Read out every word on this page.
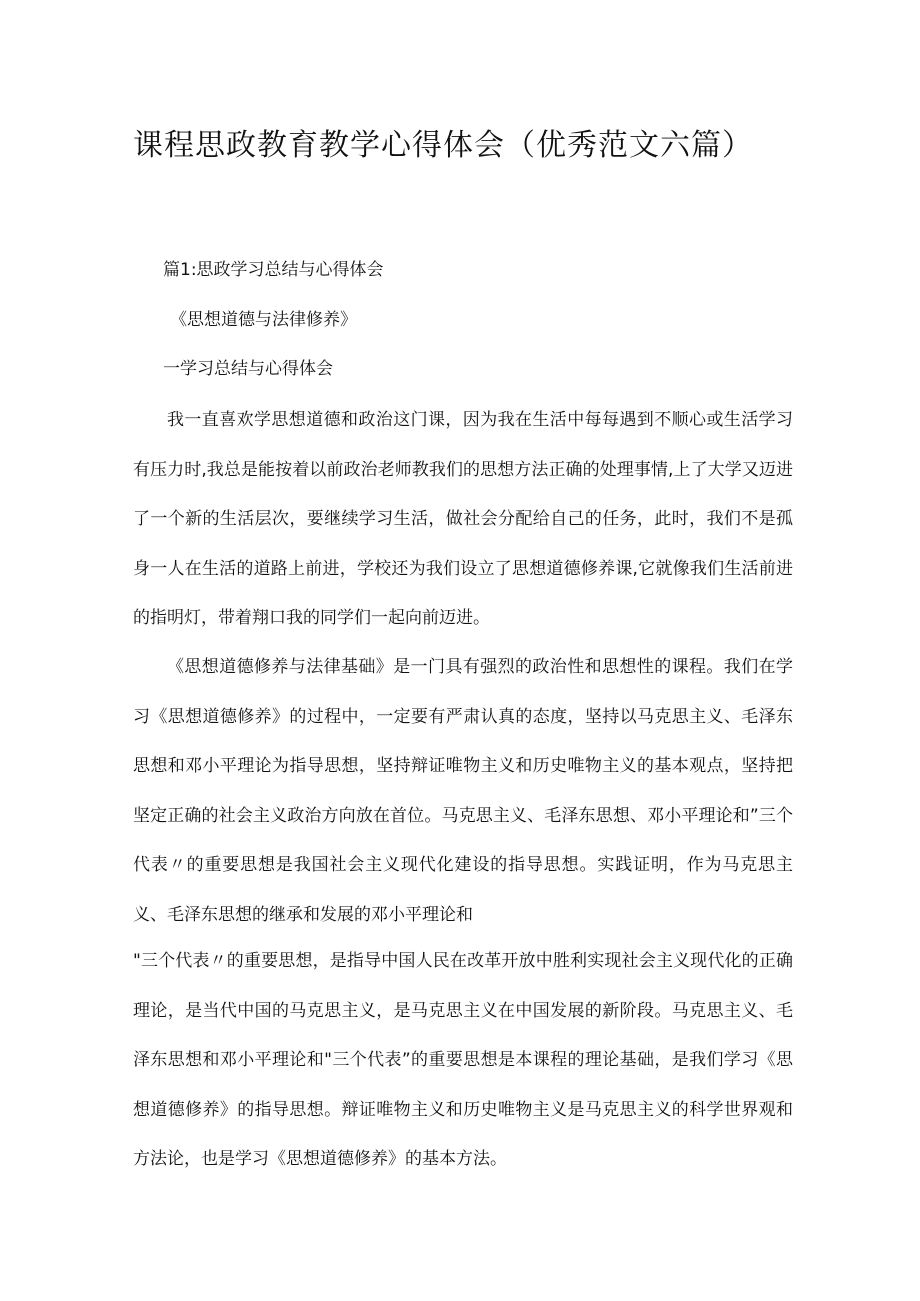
课程思政教育教学心得体会（优秀范文六篇）

篇1:思政学习总结与心得体会

《思想道德与法律修养》

一学习总结与心得体会

我一直喜欢学思想道德和政治这门课，因为我在生活中每每遇到不顺心或生活学习有压力时,我总是能按着以前政治老师教我们的思想方法正确的处理事情,上了大学又迈进了一个新的生活层次，要继续学习生活，做社会分配给自己的任务，此时，我们不是孤身一人在生活的道路上前进，学校还为我们设立了思想道德修养课,它就像我们生活前进的指明灯，带着翔口我的同学们一起向前迈进。

《思想道德修养与法律基础》是一门具有强烈的政治性和思想性的课程。我们在学习《思想道德修养》的过程中，一定要有严肃认真的态度，坚持以马克思主义、毛泽东思想和邓小平理论为指导思想，坚持辩证唯物主义和历史唯物主义的基本观点，坚持把坚定正确的社会主义政治方向放在首位。马克思主义、毛泽东思想、邓小平理论和”三个代表〃的重要思想是我国社会主义现代化建设的指导思想。实践证明，作为马克思主义、毛泽东思想的继承和发展的邓小平理论和

"三个代表〃的重要思想，是指导中国人民在改革开放中胜利实现社会主义现代化的正确理论，是当代中国的马克思主义，是马克思主义在中国发展的新阶段。马克思主义、毛泽东思想和邓小平理论和"三个代表”的重要思想是本课程的理论基础，是我们学习《思想道德修养》的指导思想。辩证唯物主义和历史唯物主义是马克思主义的科学世界观和方法论，也是学习《思想道德修养》的基本方法。
